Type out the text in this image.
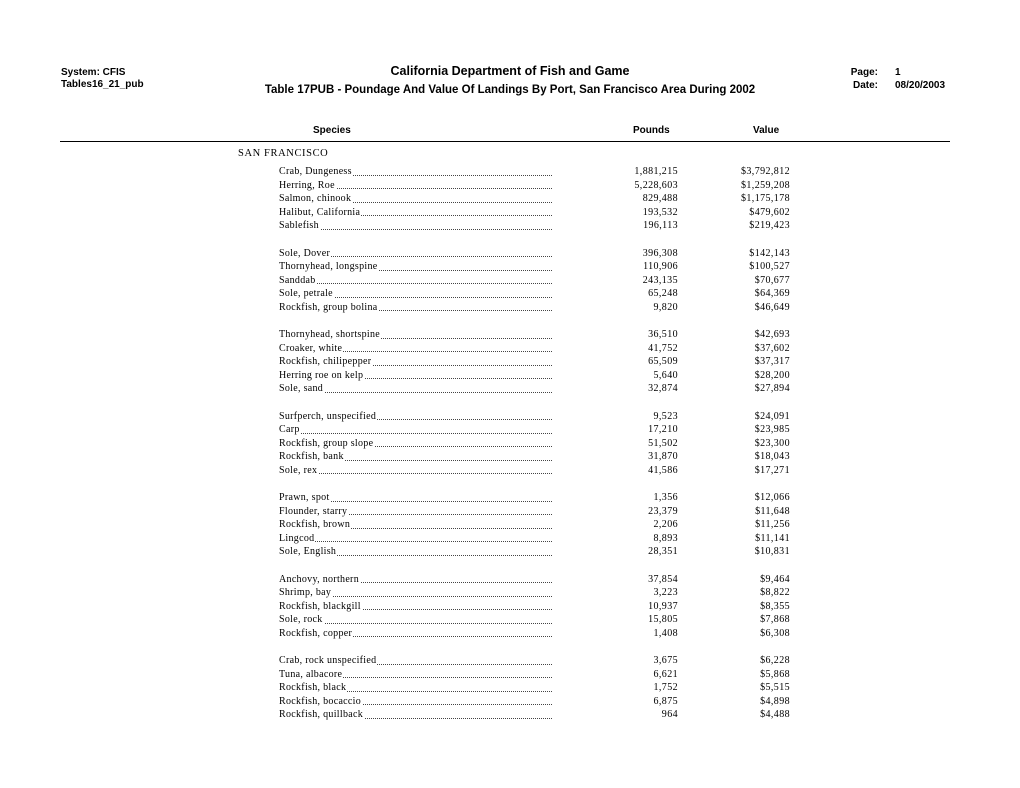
System: CFIS
Tables16_21_pub
California Department of Fish and Game
Table 17PUB - Poundage And Value Of Landings By Port, San Francisco Area During 2002
Page: 1
Date: 08/20/2003
Species	Pounds	Value
SAN FRANCISCO
Crab, Dungeness	1,881,215	$3,792,812
Herring, Roe	5,228,603	$1,259,208
Salmon, chinook	829,488	$1,175,178
Halibut, California	193,532	$479,602
Sablefish	196,113	$219,423
Sole, Dover	396,308	$142,143
Thornyhead, longspine	110,906	$100,527
Sanddab	243,135	$70,677
Sole, petrale	65,248	$64,369
Rockfish, group bolina	9,820	$46,649
Thornyhead, shortspine	36,510	$42,693
Croaker, white	41,752	$37,602
Rockfish, chilipepper	65,509	$37,317
Herring roe on kelp	5,640	$28,200
Sole, sand	32,874	$27,894
Surfperch, unspecified	9,523	$24,091
Carp	17,210	$23,985
Rockfish, group slope	51,502	$23,300
Rockfish, bank	31,870	$18,043
Sole, rex	41,586	$17,271
Prawn, spot	1,356	$12,066
Flounder, starry	23,379	$11,648
Rockfish, brown	2,206	$11,256
Lingcod	8,893	$11,141
Sole, English	28,351	$10,831
Anchovy, northern	37,854	$9,464
Shrimp, bay	3,223	$8,822
Rockfish, blackgill	10,937	$8,355
Sole, rock	15,805	$7,868
Rockfish, copper	1,408	$6,308
Crab, rock unspecified	3,675	$6,228
Tuna, albacore	6,621	$5,868
Rockfish, black	1,752	$5,515
Rockfish, bocaccio	6,875	$4,898
Rockfish, quillback	964	$4,488
